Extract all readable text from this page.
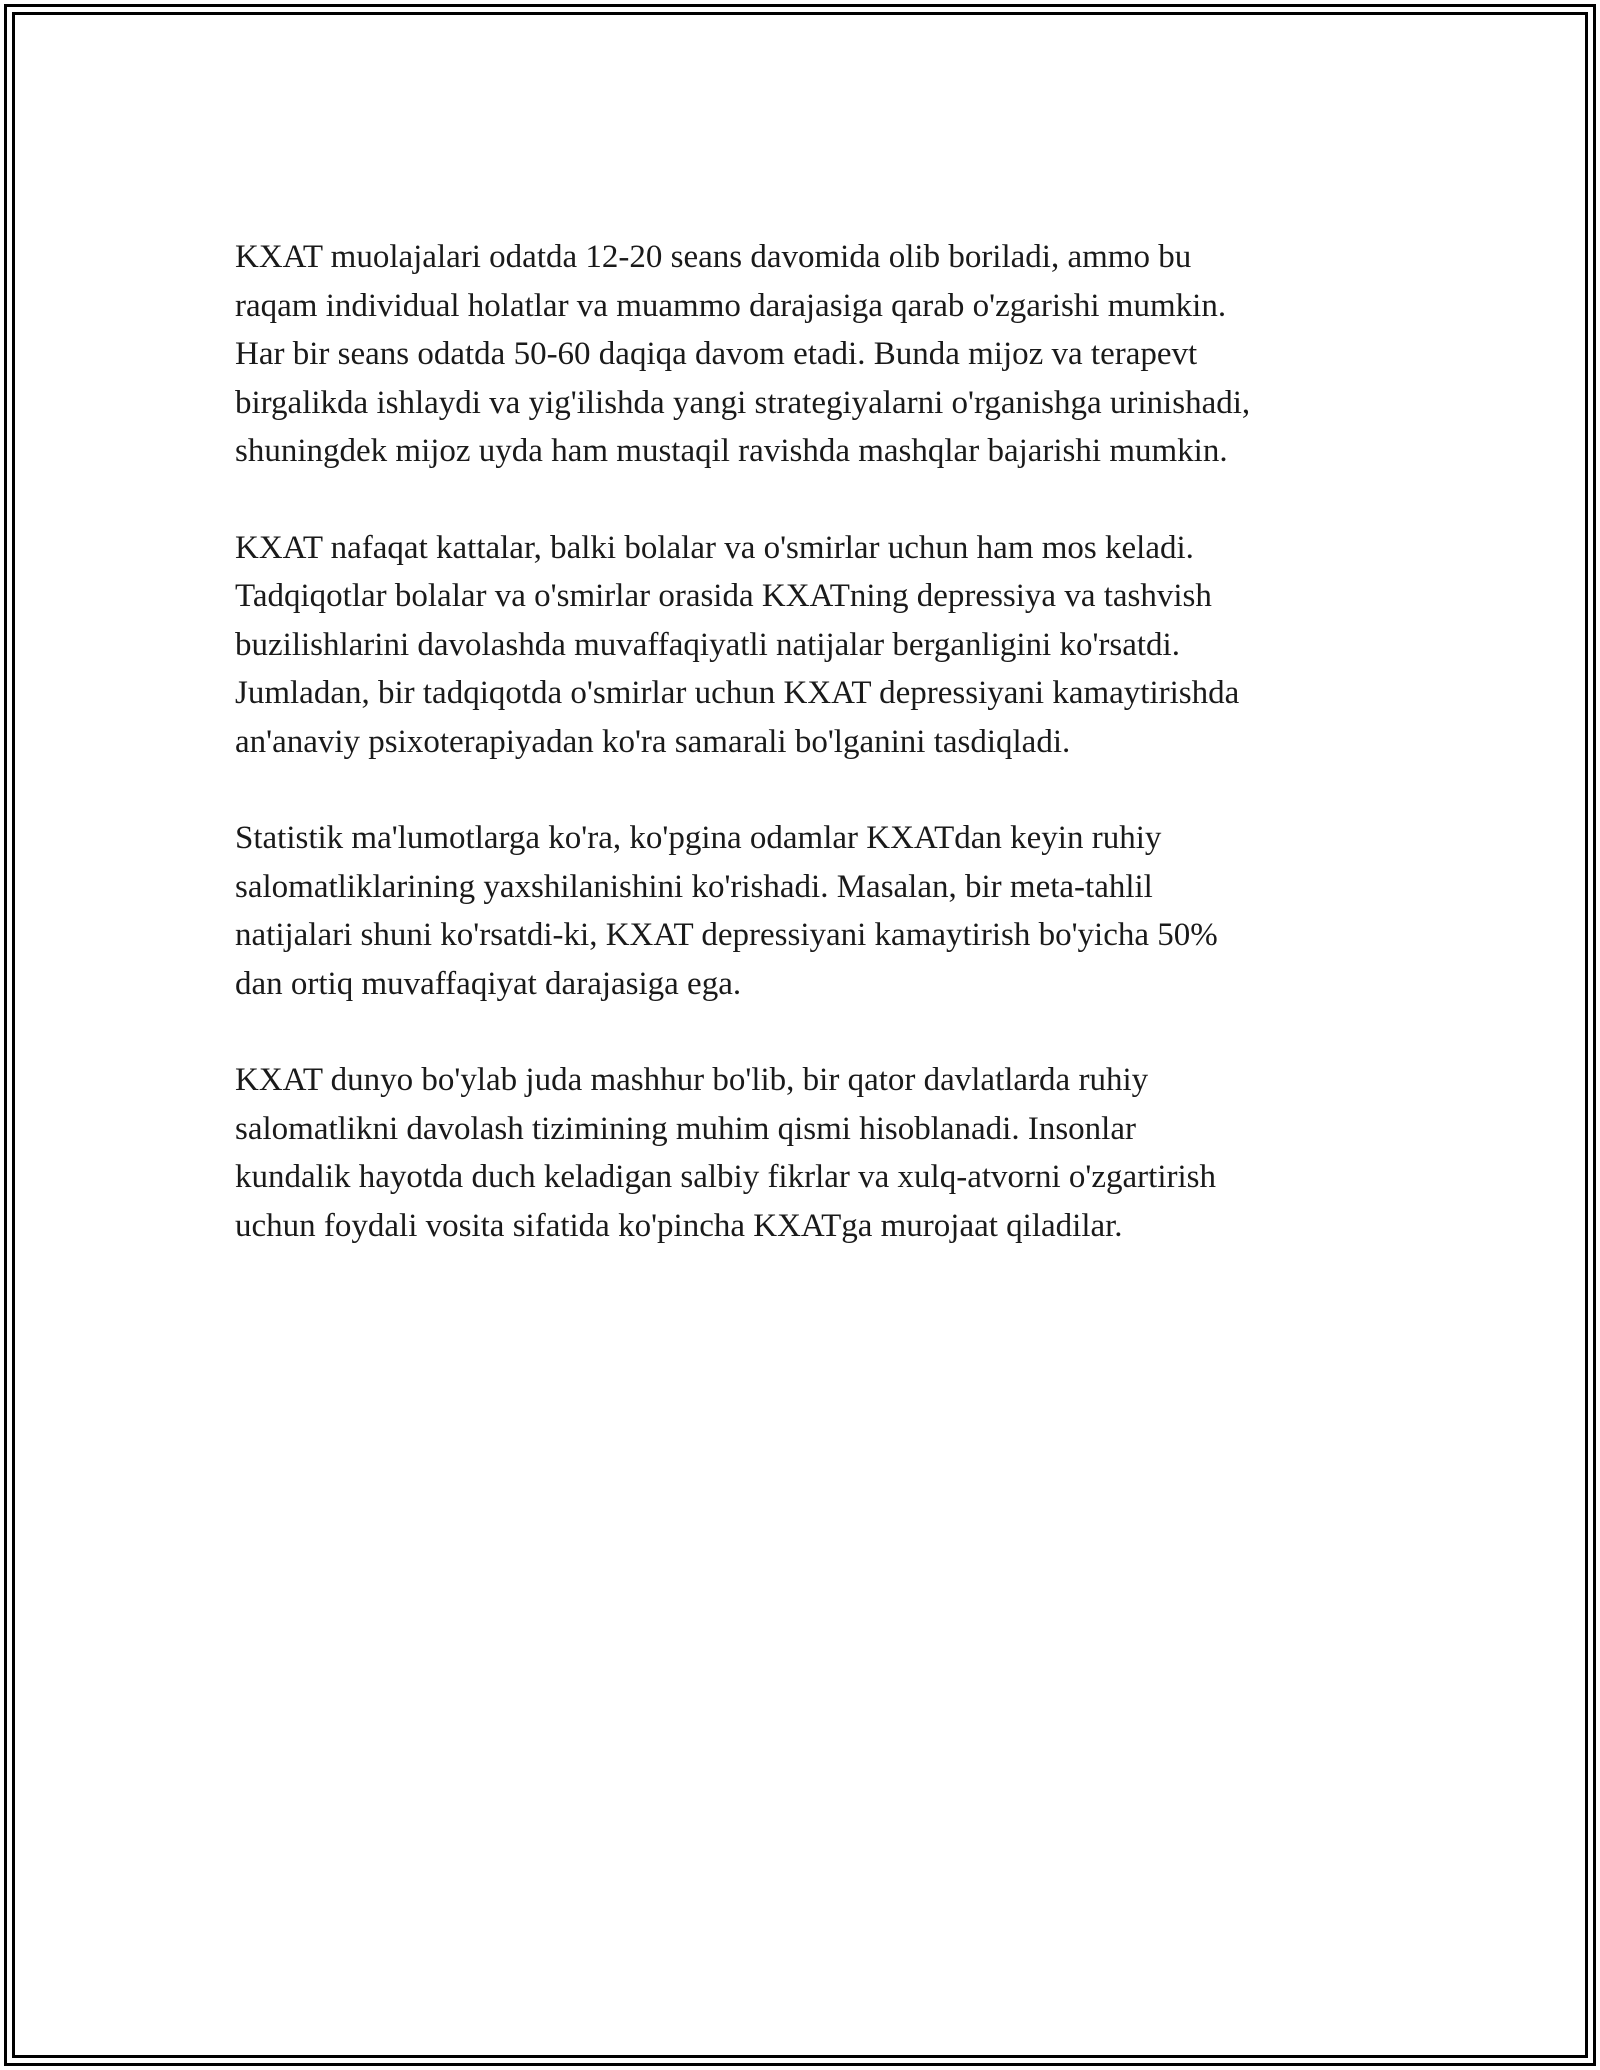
KXAT muolajalari odatda 12-20 seans davomida olib boriladi, ammo bu
raqam individual holatlar va muammo darajasiga qarab o'zgarishi mumkin.
Har bir seans odatda 50-60 daqiqa davom etadi. Bunda mijoz va terapevt
birgalikda ishlaydi va yig'ilishda yangi strategiyalarni o'rganishga urinishadi,
shuningdek mijoz uyda ham mustaqil ravishda mashqlar bajarishi mumkin.

KXAT nafaqat kattalar, balki bolalar va o'smirlar uchun ham mos keladi.
Tadqiqotlar bolalar va o'smirlar orasida KXATning depressiya va tashvish
buzilishlarini davolashda muvaffaqiyatli natijalar berganligini ko'rsatdi.
Jumladan, bir tadqiqotda o'smirlar uchun KXAT depressiyani kamaytirishda
an'anaviy psixoterapiyadan ko'ra samarali bo'lganini tasdiqladi.

Statistik ma'lumotlarga ko'ra, ko'pgina odamlar KXATdan keyin ruhiy
salomatliklarining yaxshilanishini ko'rishadi. Masalan, bir meta-tahlil
natijalari shuni ko'rsatdi-ki, KXAT depressiyani kamaytirish bo'yicha 50%
dan ortiq muvaffaqiyat darajasiga ega.

KXAT dunyo bo'ylab juda mashhur bo'lib, bir qator davlatlarda ruhiy
salomatlikni davolash tizimining muhim qismi hisoblanadi. Insonlar
kundalik hayotda duch keladigan salbiy fikrlar va xulq-atvorni o'zgartirish
uchun foydali vosita sifatida ko'pincha KXATga murojaat qiladilar.
